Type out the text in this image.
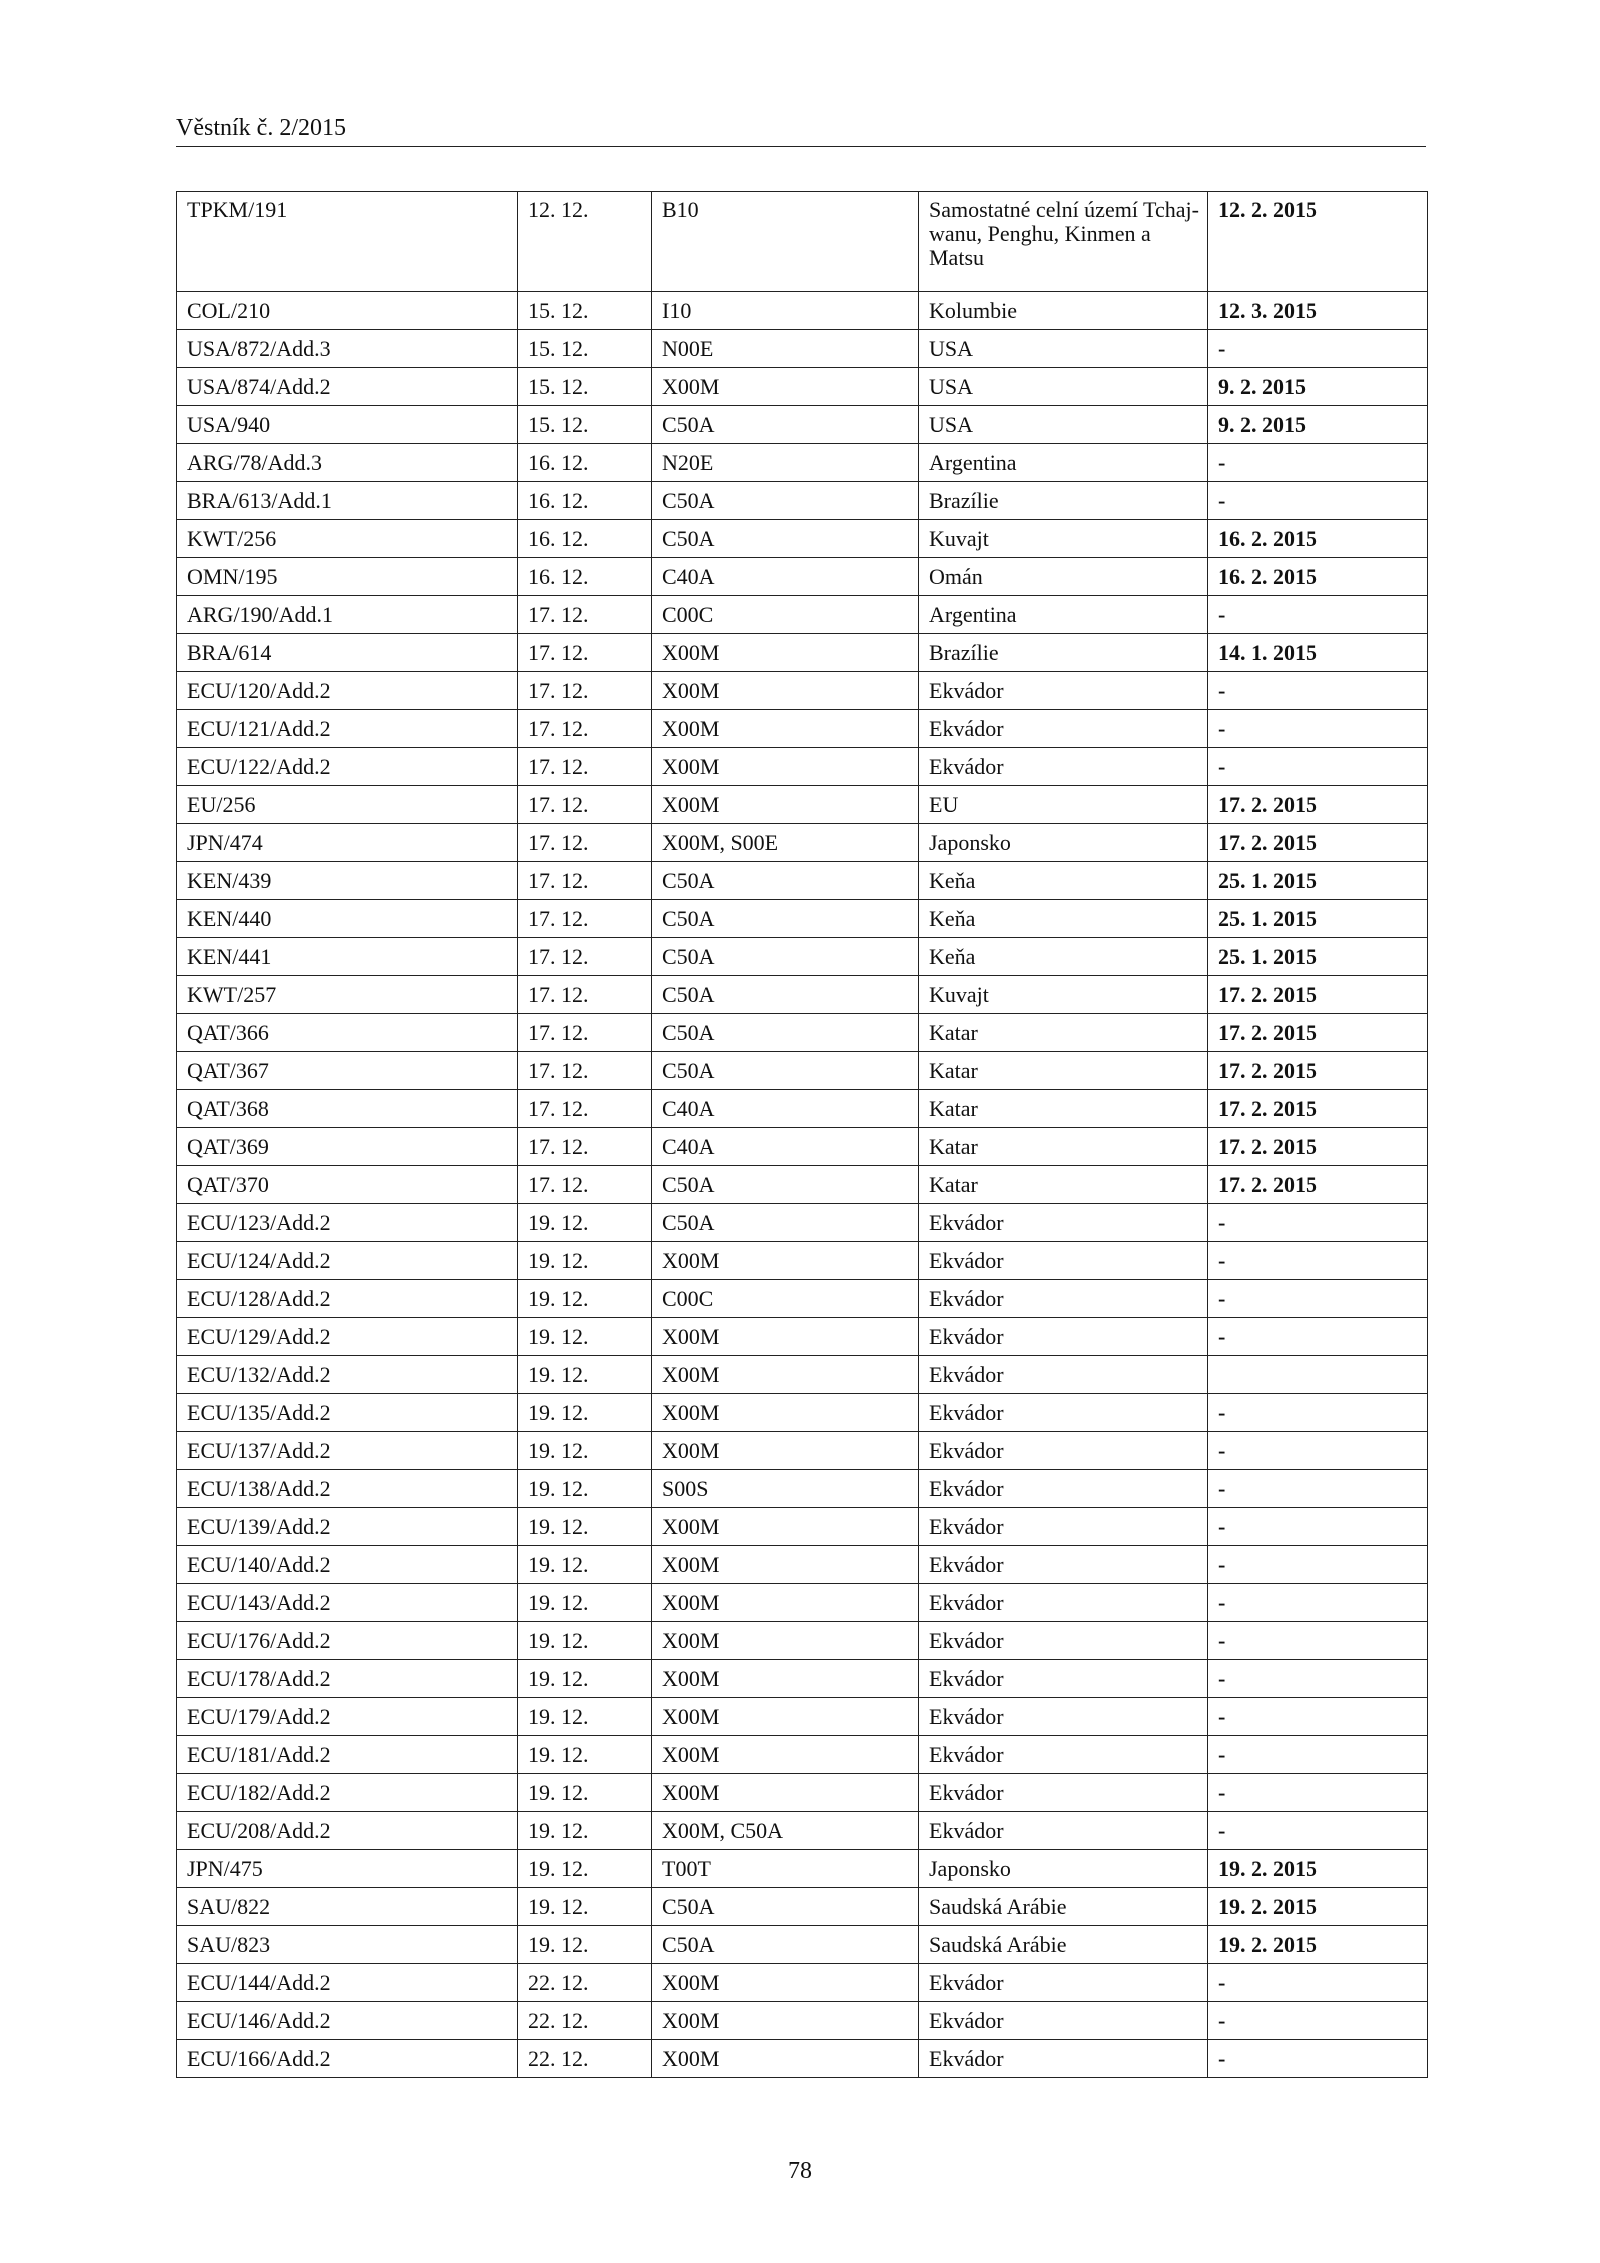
Věstník č. 2/2015
TPKM/191	12. 12.	B10	Samostatné celní území Tchaj-wanu, Penghu, Kinmen a Matsu	12. 2. 2015
COL/210	15. 12.	I10	Kolumbie	12. 3. 2015
USA/872/Add.3	15. 12.	N00E	USA	-
USA/874/Add.2	15. 12.	X00M	USA	9. 2. 2015
USA/940	15. 12.	C50A	USA	9. 2. 2015
ARG/78/Add.3	16. 12.	N20E	Argentina	-
BRA/613/Add.1	16. 12.	C50A	Brazílie	-
KWT/256	16. 12.	C50A	Kuvajt	16. 2. 2015
OMN/195	16. 12.	C40A	Omán	16. 2. 2015
ARG/190/Add.1	17. 12.	C00C	Argentina	-
BRA/614	17. 12.	X00M	Brazílie	14. 1. 2015
ECU/120/Add.2	17. 12.	X00M	Ekvádor	-
ECU/121/Add.2	17. 12.	X00M	Ekvádor	-
ECU/122/Add.2	17. 12.	X00M	Ekvádor	-
EU/256	17. 12.	X00M	EU	17. 2. 2015
JPN/474	17. 12.	X00M, S00E	Japonsko	17. 2. 2015
KEN/439	17. 12.	C50A	Keňa	25. 1. 2015
KEN/440	17. 12.	C50A	Keňa	25. 1. 2015
KEN/441	17. 12.	C50A	Keňa	25. 1. 2015
KWT/257	17. 12.	C50A	Kuvajt	17. 2. 2015
QAT/366	17. 12.	C50A	Katar	17. 2. 2015
QAT/367	17. 12.	C50A	Katar	17. 2. 2015
QAT/368	17. 12.	C40A	Katar	17. 2. 2015
QAT/369	17. 12.	C40A	Katar	17. 2. 2015
QAT/370	17. 12.	C50A	Katar	17. 2. 2015
ECU/123/Add.2	19. 12.	C50A	Ekvádor	-
ECU/124/Add.2	19. 12.	X00M	Ekvádor	-
ECU/128/Add.2	19. 12.	C00C	Ekvádor	-
ECU/129/Add.2	19. 12.	X00M	Ekvádor	-
ECU/132/Add.2	19. 12.	X00M	Ekvádor	
ECU/135/Add.2	19. 12.	X00M	Ekvádor	-
ECU/137/Add.2	19. 12.	X00M	Ekvádor	-
ECU/138/Add.2	19. 12.	S00S	Ekvádor	-
ECU/139/Add.2	19. 12.	X00M	Ekvádor	-
ECU/140/Add.2	19. 12.	X00M	Ekvádor	-
ECU/143/Add.2	19. 12.	X00M	Ekvádor	-
ECU/176/Add.2	19. 12.	X00M	Ekvádor	-
ECU/178/Add.2	19. 12.	X00M	Ekvádor	-
ECU/179/Add.2	19. 12.	X00M	Ekvádor	-
ECU/181/Add.2	19. 12.	X00M	Ekvádor	-
ECU/182/Add.2	19. 12.	X00M	Ekvádor	-
ECU/208/Add.2	19. 12.	X00M, C50A	Ekvádor	-
JPN/475	19. 12.	T00T	Japonsko	19. 2. 2015
SAU/822	19. 12.	C50A	Saudská Arábie	19. 2. 2015
SAU/823	19. 12.	C50A	Saudská Arábie	19. 2. 2015
ECU/144/Add.2	22. 12.	X00M	Ekvádor	-
ECU/146/Add.2	22. 12.	X00M	Ekvádor	-
ECU/166/Add.2	22. 12.	X00M	Ekvádor	-
78
